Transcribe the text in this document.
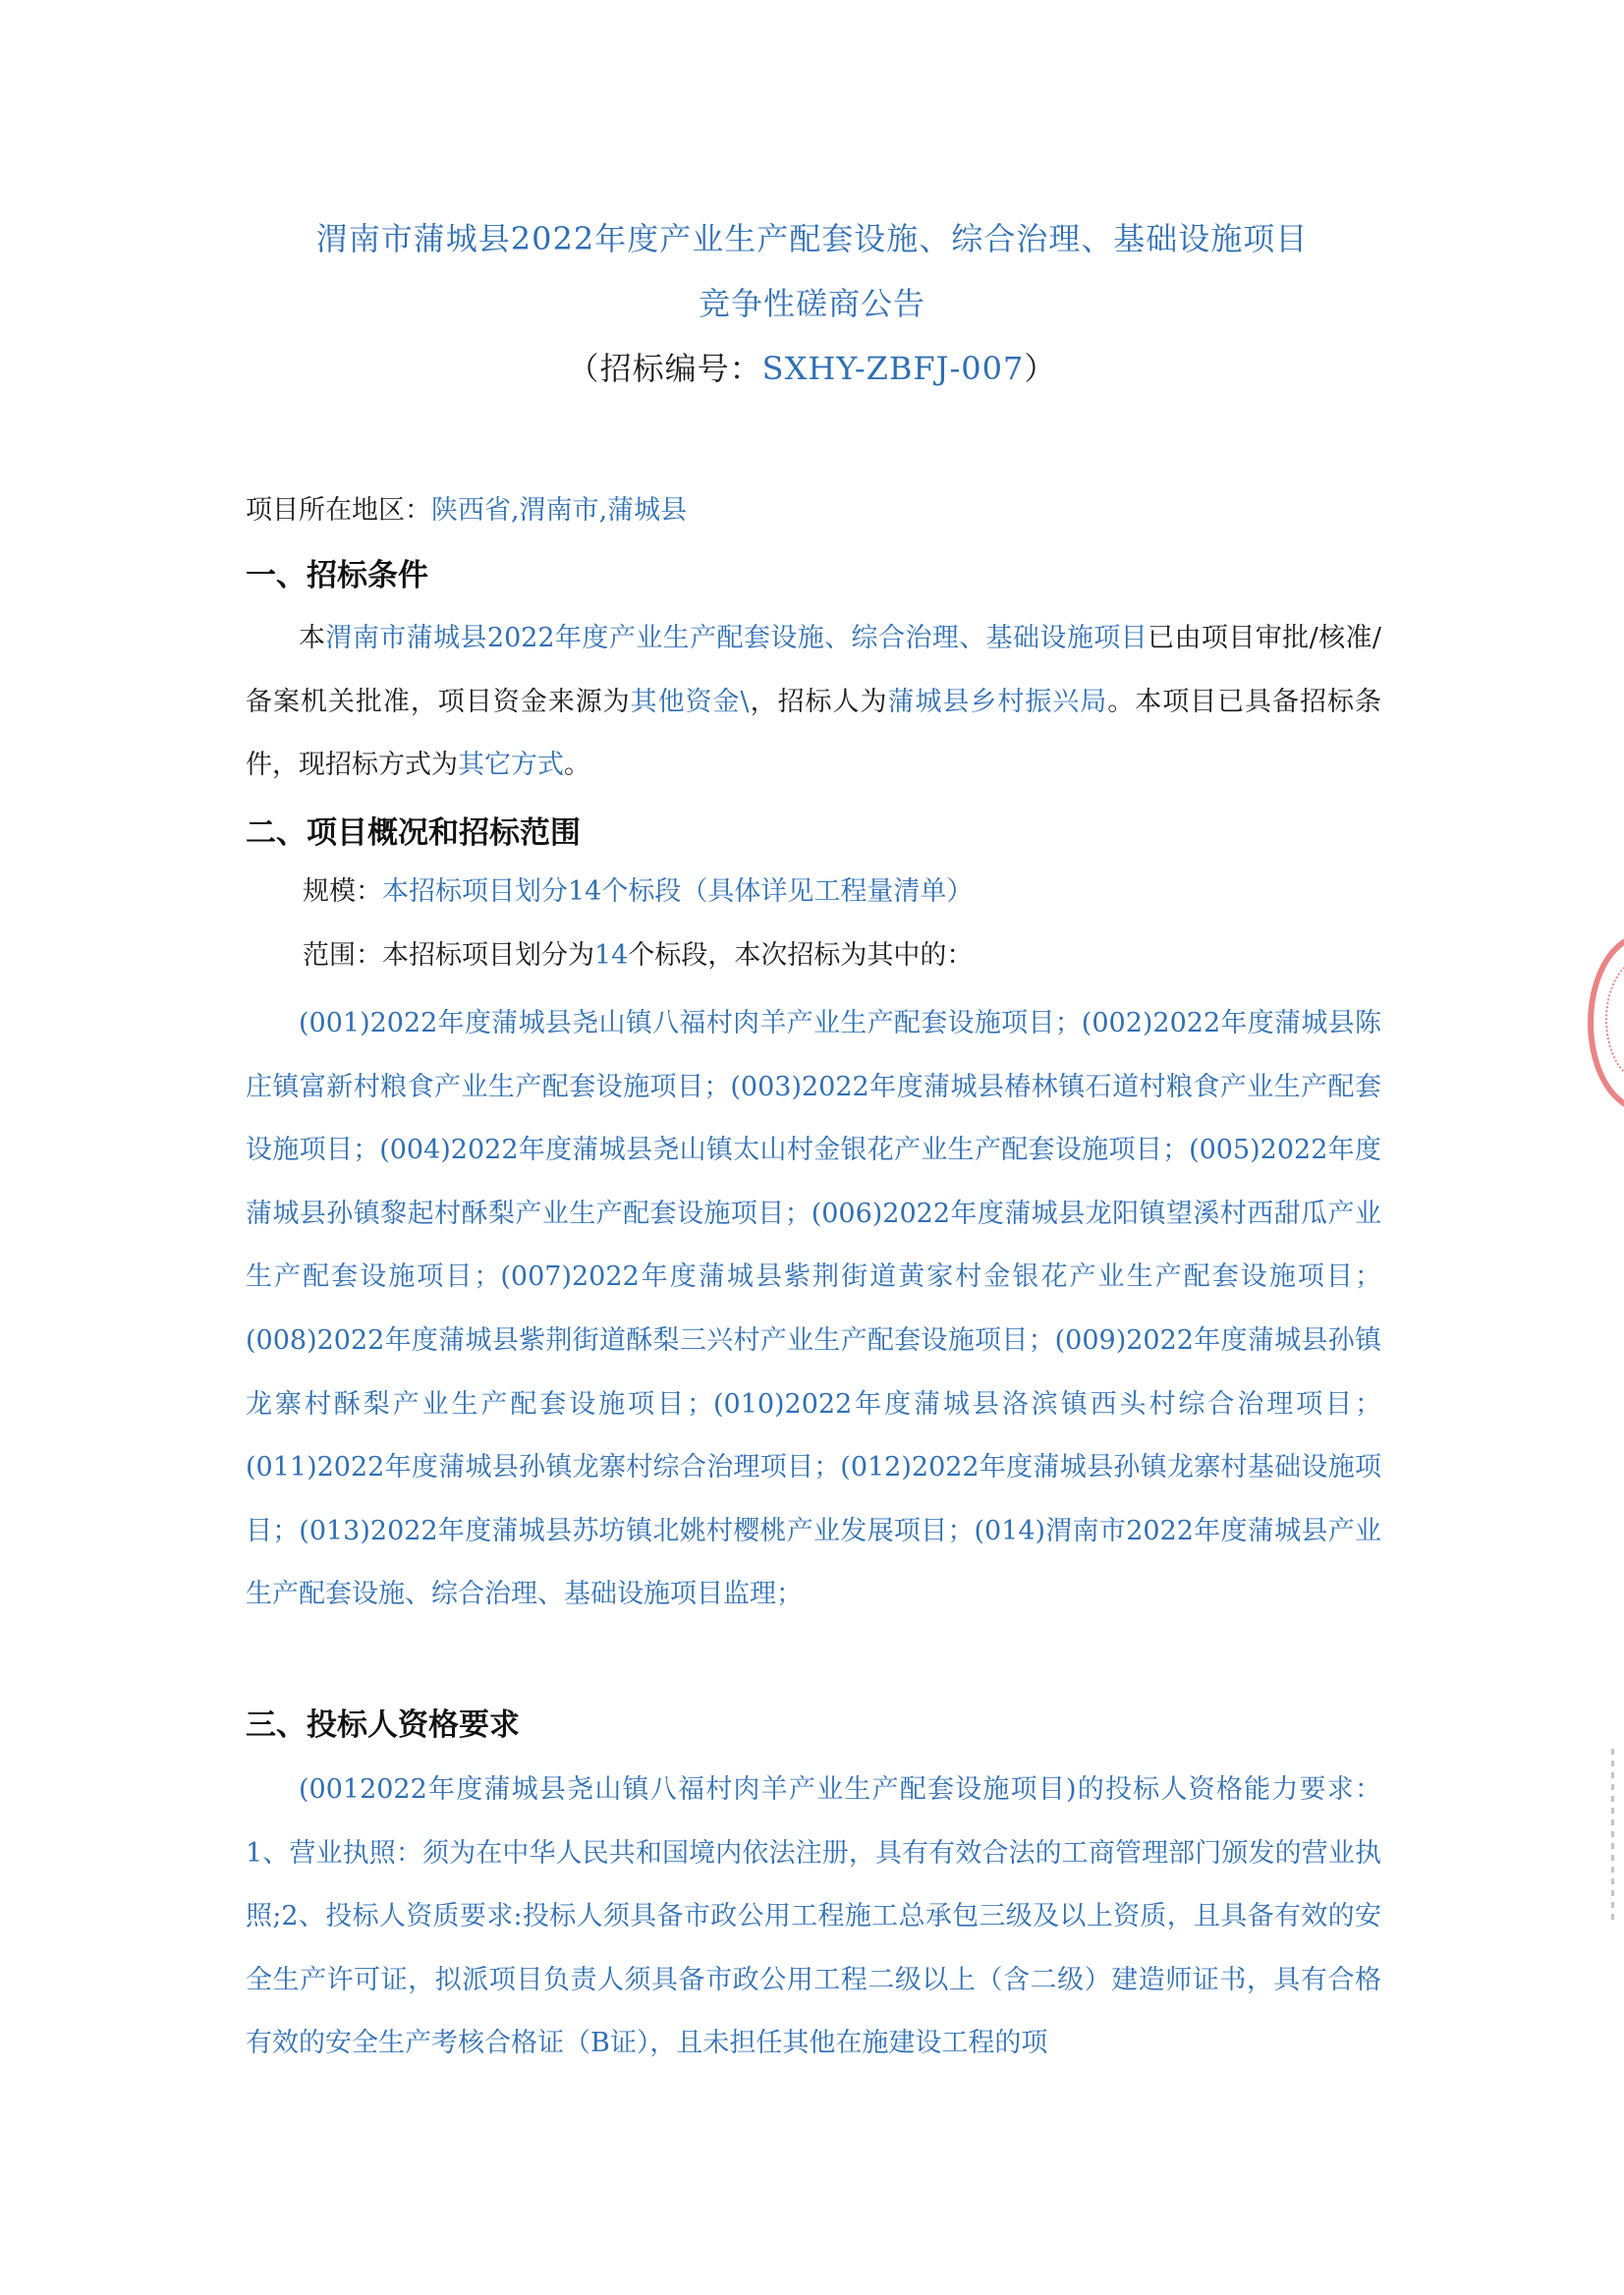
渭南市蒲城县2022年度产业生产配套设施、综合治理、基础设施项目
竞争性磋商公告
（招标编号：SXHY-ZBFJ-007）
项目所在地区：陕西省,渭南市,蒲城县
一、招标条件
本渭南市蒲城县2022年度产业生产配套设施、综合治理、基础设施项目已由项目审批/核准/备案机关批准，项目资金来源为其他资金\，招标人为蒲城县乡村振兴局。本项目已具备招标条件，现招标方式为其它方式。
二、项目概况和招标范围
规模：本招标项目划分14个标段（具体详见工程量清单）
范围：本招标项目划分为14个标段，本次招标为其中的：
(001)2022年度蒲城县尧山镇八福村肉羊产业生产配套设施项目；(002)2022年度蒲城县陈庄镇富新村粮食产业生产配套设施项目；(003)2022年度蒲城县椿林镇石道村粮食产业生产配套设施项目；(004)2022年度蒲城县尧山镇太山村金银花产业生产配套设施项目；(005)2022年度蒲城县孙镇黎起村酥梨产业生产配套设施项目；(006)2022年度蒲城县龙阳镇望溪村西甜瓜产业生产配套设施项目；(007)2022年度蒲城县紫荆街道黄家村金银花产业生产配套设施项目；(008)2022年度蒲城县紫荆街道酥梨三兴村产业生产配套设施项目；(009)2022年度蒲城县孙镇龙寨村酥梨产业生产配套设施项目；(010)2022年度蒲城县洛滨镇西头村综合治理项目；(011)2022年度蒲城县孙镇龙寨村综合治理项目；(012)2022年度蒲城县孙镇龙寨村基础设施项目；(013)2022年度蒲城县苏坊镇北姚村樱桃产业发展项目；(014)渭南市2022年度蒲城县产业生产配套设施、综合治理、基础设施项目监理；
三、投标人资格要求
(0012022年度蒲城县尧山镇八福村肉羊产业生产配套设施项目)的投标人资格能力要求：1、营业执照：须为在中华人民共和国境内依法注册，具有有效合法的工商管理部门颁发的营业执照;2、投标人资质要求:投标人须具备市政公用工程施工总承包三级及以上资质，且具备有效的安全生产许可证，拟派项目负责人须具备市政公用工程二级以上（含二级）建造师证书，具有合格有效的安全生产考核合格证（B证），且未担任其他在施建设工程的项
